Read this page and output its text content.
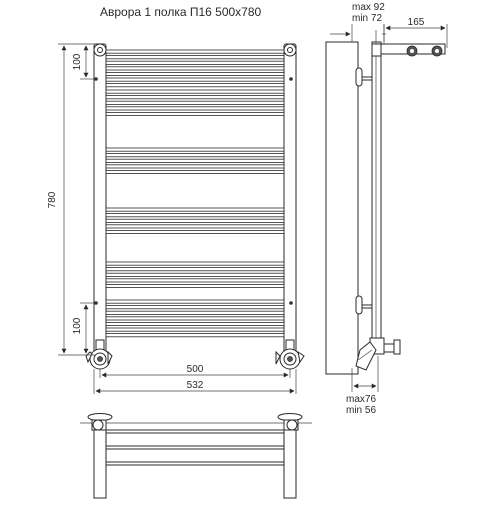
Аврора 1 полка П16 500x780
780
100
100
500
532
max 92
min 72	165
max76
min 56
